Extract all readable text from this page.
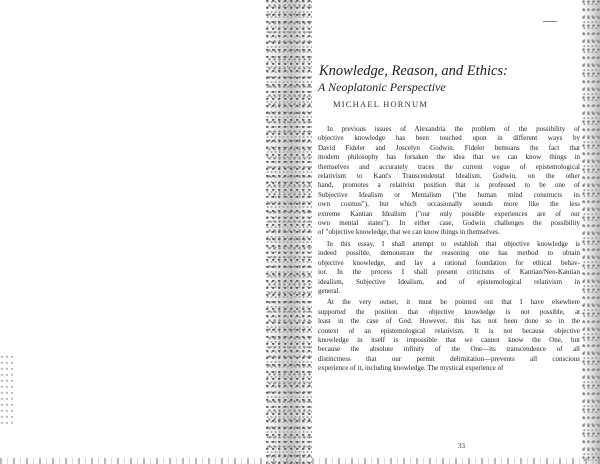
Knowledge, Reason, and Ethics:
A Neoplatonic Perspective
MICHAEL HORNUM
In previous issues of Alexandria the problem of the possibility of
objective knowledge has been touched upon in different ways by
David Fideler and Joscelyn Godwin. Fideler bemoans the fact that
modern philosophy has forsaken the idea that we can know things in
themselves and accurately traces the current vogue of epistemological
relativism to Kant's Transcendental Idealism. Godwin, on the other
hand, promotes a relativist position that is professed to be one of
Subjective Idealism or Mentalism ("the human mind constructs its
own cosmos"), but which occasionally sounds more like the less
extreme Kantian Idealism ("our only possible experiences are of our
own mental states"). In either case, Godwin challenges the possibility
of "objective knowledge, that we can know things in themselves.
In this essay, I shall attempt to establish that objective knowledge is
indeed possible, demonstrate the reasoning one has method to obtain
objective knowledge, and lay a rational foundation for ethical behav-
ior. In the process I shall present criticisms of Kantian/Neo-Kantian
idealism, Subjective Idealism, and of epistemological relativism in
general.
At the very outset, it must be pointed out that I have elsewhere
supported the position that objective knowledge is not possible, at
least in the case of God. However, this has not been done so in the
context of an epistemological relativism. It is not because objective
knowledge in itself is impossible that we cannot know the One, but
because the absolute infinity of the One—its transcendence of all
distinctness that our permit delimitation—prevents all conscious
experience of it, including knowledge. The mystical experience of
33
